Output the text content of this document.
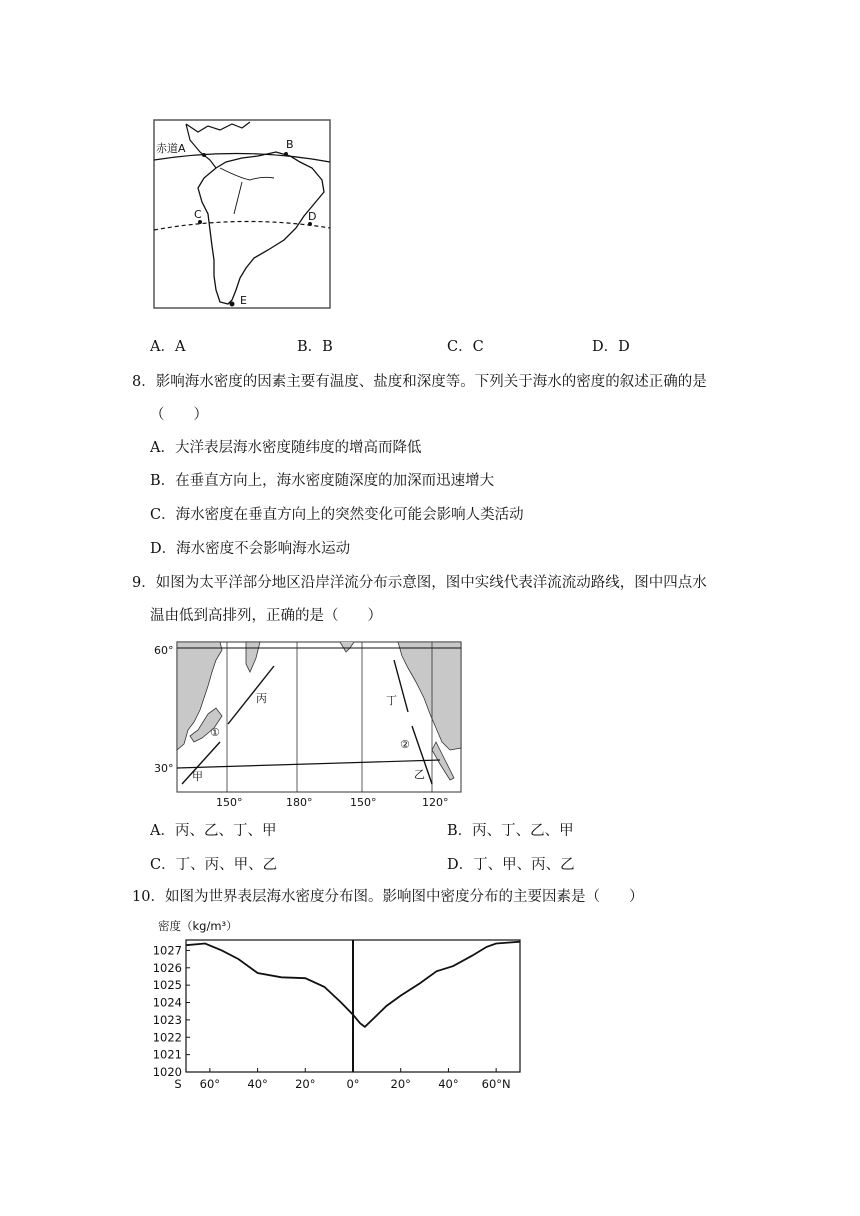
赤道A	B
C	D
E
A．A	B．B	C．C	D．D
8．影响海水密度的因素主要有温度、盐度和深度等。下列关于海水的密度的叙述正确的是
（　　）
A．大洋表层海水密度随纬度的增高而降低
B．在垂直方向上，海水密度随深度的加深而迅速增大
C．海水密度在垂直方向上的突然变化可能会影响人类活动
D．海水密度不会影响海水运动
9．如图为太平洋部分地区沿岸洋流分布示意图，图中实线代表洋流流动路线，图中四点水
温由低到高排列，正确的是（　　）
60°
30°
150°	180°	150°	120°
丙	丁
甲	乙
①
②
A．丙、乙、丁、甲	B．丙、丁、乙、甲
C．丁、丙、甲、乙	D．丁、甲、丙、乙
10．如图为世界表层海水密度分布图。影响图中密度分布的主要因素是（　　）
密度（kg/m³）
1020
1021
1022
1023
1024
1025
1026
1027
S 60° 40° 20°	0°	20° 40° 60°N
